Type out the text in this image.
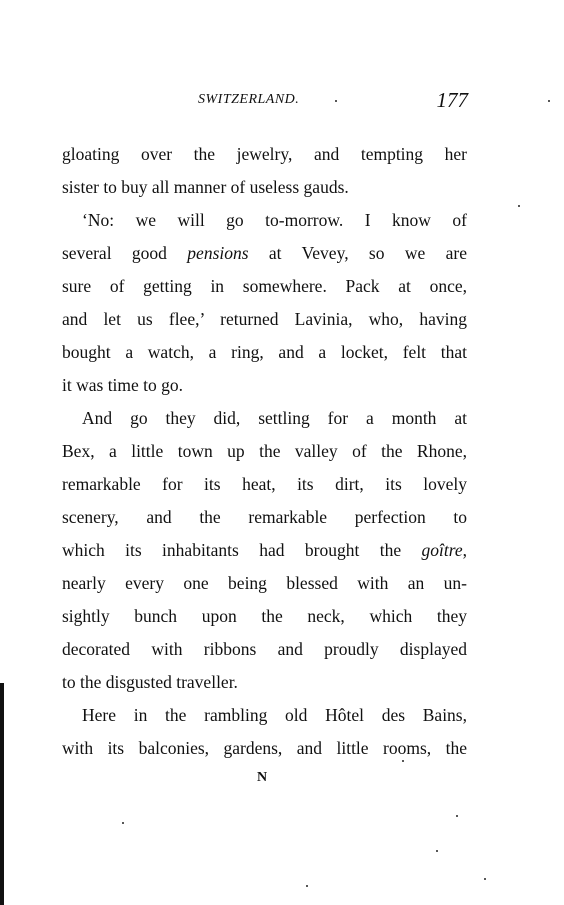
SWITZERLAND.	177
gloating over the jewelry, and tempting her
sister to buy all manner of useless gauds.
‘No: we will go to-morrow. I know of
several good pensions at Vevey, so we are
sure of getting in somewhere. Pack at once,
and let us flee,’ returned Lavinia, who, having
bought a watch, a ring, and a locket, felt that
it was time to go.
And go they did, settling for a month at
Bex, a little town up the valley of the Rhone,
remarkable for its heat, its dirt, its lovely
scenery, and the remarkable perfection to
which its inhabitants had brought the goître,
nearly every one being blessed with an un-
sightly bunch upon the neck, which they
decorated with ribbons and proudly displayed
to the disgusted traveller.
Here in the rambling old Hôtel des Bains,
with its balconies, gardens, and little rooms, the
N
